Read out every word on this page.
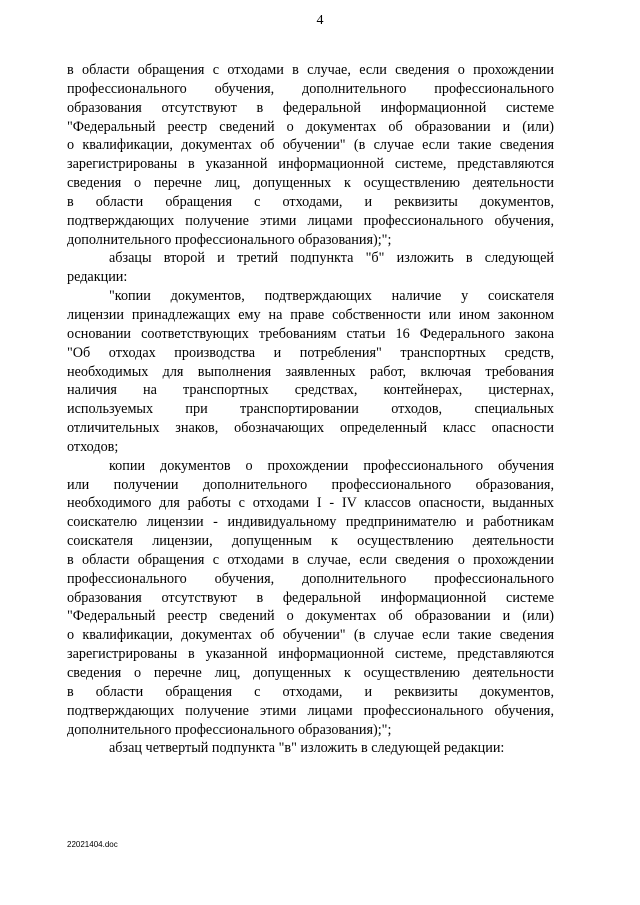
4
в области обращения с отходами в случае, если сведения о прохождении
профессионального обучения, дополнительного профессионального
образования отсутствуют в федеральной информационной системе
"Федеральный реестр сведений о документах об образовании и (или)
о квалификации, документах об обучении" (в случае если такие сведения
зарегистрированы в указанной информационной системе, представляются
сведения о перечне лиц, допущенных к осуществлению деятельности
в области обращения с отходами, и реквизиты документов,
подтверждающих получение этими лицами профессионального обучения,
дополнительного профессионального образования);";
абзацы второй и третий подпункта "б" изложить в следующей
редакции:
"копии документов, подтверждающих наличие у соискателя
лицензии принадлежащих ему на праве собственности или ином законном
основании соответствующих требованиям статьи 16 Федерального закона
"Об отходах производства и потребления" транспортных средств,
необходимых для выполнения заявленных работ, включая требования
наличия на транспортных средствах, контейнерах, цистернах,
используемых при транспортировании отходов, специальных
отличительных знаков, обозначающих определенный класс опасности
отходов;
копии документов о прохождении профессионального обучения
или получении дополнительного профессионального образования,
необходимого для работы с отходами I - IV классов опасности, выданных
соискателю лицензии - индивидуальному предпринимателю и работникам
соискателя лицензии, допущенным к осуществлению деятельности
в области обращения с отходами в случае, если сведения о прохождении
профессионального обучения, дополнительного профессионального
образования отсутствуют в федеральной информационной системе
"Федеральный реестр сведений о документах об образовании и (или)
о квалификации, документах об обучении" (в случае если такие сведения
зарегистрированы в указанной информационной системе, представляются
сведения о перечне лиц, допущенных к осуществлению деятельности
в области обращения с отходами, и реквизиты документов,
подтверждающих получение этими лицами профессионального обучения,
дополнительного профессионального образования);";
абзац четвертый подпункта "в" изложить в следующей редакции:
22021404.doc
